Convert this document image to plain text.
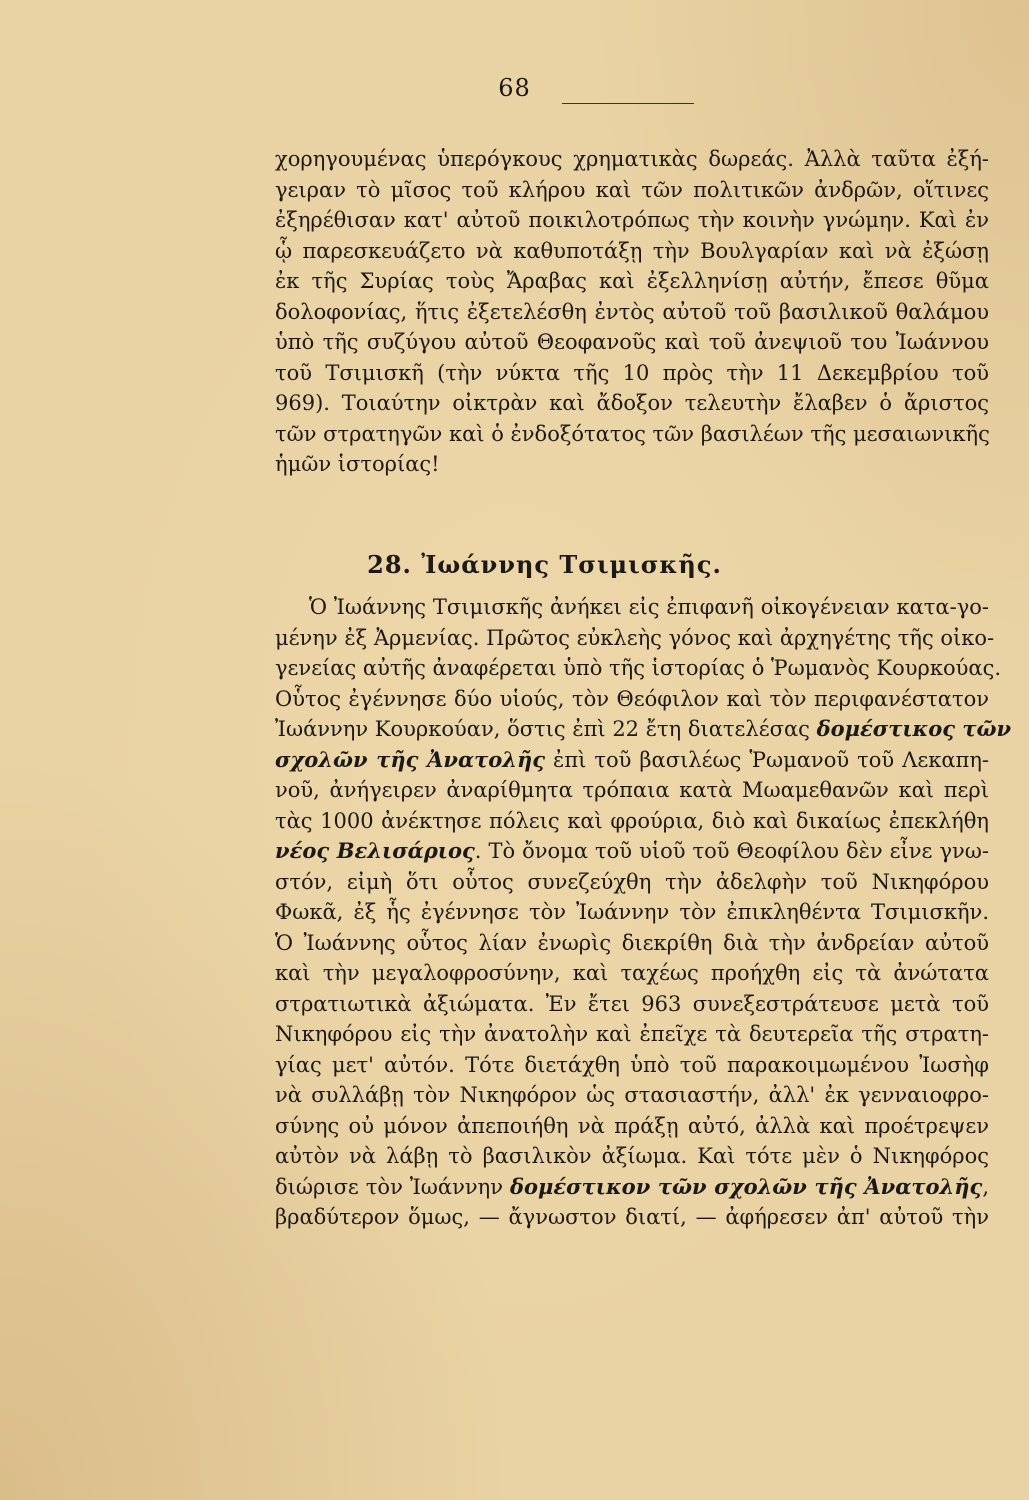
68
χορηγουμένας ὑπερόγκους χρηματικὰς δωρεάς. Ἀλλὰ ταῦτα ἐξή-
γειραν τὸ μῖσος τοῦ κλήρου καὶ τῶν πολιτικῶν ἀνδρῶν, οἵτινες
ἐξηρέθισαν κατ' αὐτοῦ ποικιλοτρόπως τὴν κοινὴν γνώμην. Καὶ ἐν
ᾧ παρεσκευάζετο νὰ καθυποτάξῃ τὴν Βουλγαρίαν καὶ νὰ ἐξώσῃ
ἐκ τῆς Συρίας τοὺς Ἄραβας καὶ ἐξελληνίσῃ αὐτήν, ἔπεσε θῦμα
δολοφονίας, ἥτις ἐξετελέσθη ἐντὸς αὐτοῦ τοῦ βασιλικοῦ θαλάμου
ὑπὸ τῆς συζύγου αὐτοῦ Θεοφανοῦς καὶ τοῦ ἀνεψιοῦ του Ἰωάννου
τοῦ Τσιμισκῆ (τὴν νύκτα τῆς 10 πρὸς τὴν 11 Δεκεμβρίου τοῦ
969). Τοιαύτην οἰκτρὰν καὶ ἄδοξον τελευτὴν ἔλαβεν ὁ ἄριστος
τῶν στρατηγῶν καὶ ὁ ἐνδοξότατος τῶν βασιλέων τῆς μεσαιωνικῆς
ἡμῶν ἱστορίας!
28. Ἰωάννης Τσιμισκῆς.
Ὁ Ἰωάννης Τσιμισκῆς ἀνήκει εἰς ἐπιφανῆ οἰκογένειαν κατα-γο-
μένην ἐξ Ἀρμενίας. Πρῶτος εὐκλεὴς γόνος καὶ ἀρχηγέτης τῆς οἰκο-
γενείας αὐτῆς ἀναφέρεται ὑπὸ τῆς ἱστορίας ὁ Ῥωμανὸς Κουρκούας.
Οὗτος ἐγέννησε δύο υἱούς, τὸν Θεόφιλον καὶ τὸν περιφανέστατον
Ἰωάννην Κουρκούαν, ὅστις ἐπὶ 22 ἔτη διατελέσας δομέστικος τῶν
σχολῶν τῆς Ἀνατολῆς ἐπὶ τοῦ βασιλέως Ῥωμανοῦ τοῦ Λεκαπη-
νοῦ, ἀνήγειρεν ἀναρίθμητα τρόπαια κατὰ Μωαμεθανῶν καὶ περὶ
τὰς 1000 ἀνέκτησε πόλεις καὶ φρούρια, διὸ καὶ δικαίως ἐπεκλήθη
νέος Βελισάριος. Τὸ ὄνομα τοῦ υἱοῦ τοῦ Θεοφίλου δὲν εἶνε γνω-
στόν, εἰμὴ ὅτι οὗτος συνεζεύχθη τὴν ἀδελφὴν τοῦ Νικηφόρου
Φωκᾶ, ἐξ ἧς ἐγέννησε τὸν Ἰωάννην τὸν ἐπικληθέντα Τσιμισκῆν.
Ὁ Ἰωάννης οὗτος λίαν ἐνωρὶς διεκρίθη διὰ τὴν ἀνδρείαν αὐτοῦ
καὶ τὴν μεγαλοφροσύνην, καὶ ταχέως προήχθη εἰς τὰ ἀνώτατα
στρατιωτικὰ ἀξιώματα. Ἐν ἔτει 963 συνεξεστράτευσε μετὰ τοῦ
Νικηφόρου εἰς τὴν ἀνατολὴν καὶ ἐπεῖχε τὰ δευτερεῖα τῆς στρατη-
γίας μετ' αὐτόν. Τότε διετάχθη ὑπὸ τοῦ παρακοιμωμένου Ἰωσὴφ
νὰ συλλάβῃ τὸν Νικηφόρον ὡς στασιαστήν, ἀλλ' ἐκ γενναιοφρο-
σύνης οὐ μόνον ἀπεποιήθη νὰ πράξῃ αὐτό, ἀλλὰ καὶ προέτρεψεν
αὐτὸν νὰ λάβῃ τὸ βασιλικὸν ἀξίωμα. Καὶ τότε μὲν ὁ Νικηφόρος
διώρισε τὸν Ἰωάννην δομέστικον τῶν σχολῶν τῆς Ἀνατολῆς,
βραδύτερον ὅμως, — ἄγνωστον διατί, — ἀφήρεσεν ἀπ' αὐτοῦ τὴν
